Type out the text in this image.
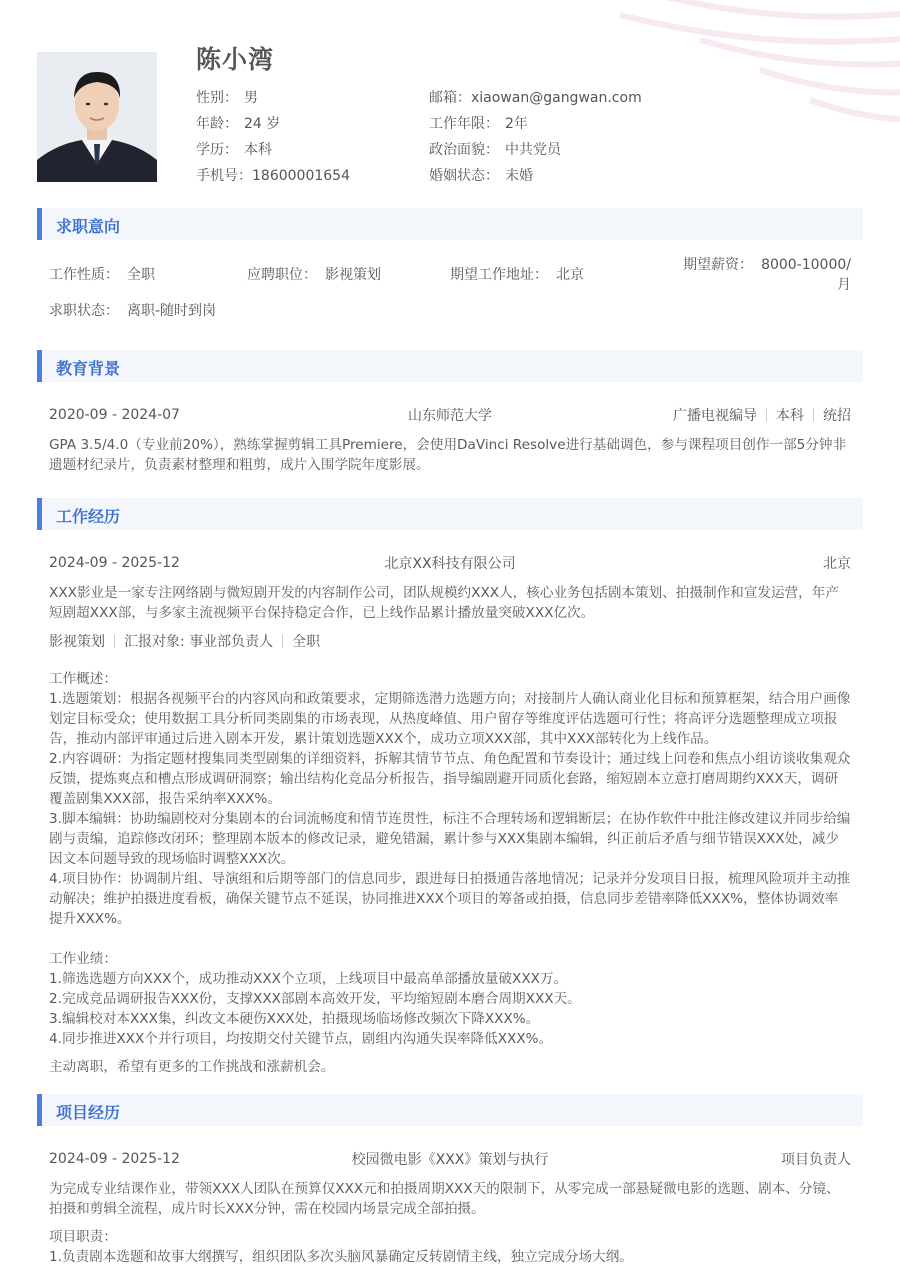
陈小湾
性别： 男	邮箱：xiaowan@gangwan.com
年龄： 24 岁	工作年限： 2年
学历： 本科	政治面貌： 中共党员
手机号：18600001654	婚姻状态： 未婚
求职意向
工作性质： 全职	应聘职位： 影视策划	期望工作地址： 北京
期望薪资： 8000-10000/月
求职状态： 离职-随时到岗
教育背景
2020-09 - 2024-07	山东师范大学	广播电视编导 本科 统招
GPA 3.5/4.0（专业前20%），熟练掌握剪辑工具Premiere，会使用DaVinci Resolve进行基础调色，参与课程项目创作一部5分钟非遗题材纪录片，负责素材整理和粗剪，成片入围学院年度影展。
工作经历
2024-09 - 2025-12	北京XX科技有限公司	北京
XXX影业是一家专注网络剧与微短剧开发的内容制作公司，团队规模约XXX人，核心业务包括剧本策划、拍摄制作和宣发运营，年产短剧超XXX部，与多家主流视频平台保持稳定合作，已上线作品累计播放量突破XXX亿次。
影视策划 汇报对象: 事业部负责人 全职
工作概述：
1.选题策划：根据各视频平台的内容风向和政策要求，定期筛选潜力选题方向；对接制片人确认商业化目标和预算框架，结合用户画像划定目标受众；使用数据工具分析同类剧集的市场表现，从热度峰值、用户留存等维度评估选题可行性；将高评分选题整理成立项报告，推动内部评审通过后进入剧本开发，累计策划选题XXX个，成功立项XXX部，其中XXX部转化为上线作品。
2.内容调研：为指定题材搜集同类型剧集的详细资料，拆解其情节节点、角色配置和节奏设计；通过线上问卷和焦点小组访谈收集观众反馈，提炼爽点和槽点形成调研洞察；输出结构化竞品分析报告，指导编剧避开同质化套路，缩短剧本立意打磨周期约XXX天，调研覆盖剧集XXX部，报告采纳率XXX%。
3.脚本编辑：协助编剧校对分集剧本的台词流畅度和情节连贯性，标注不合理转场和逻辑断层；在协作软件中批注修改建议并同步给编剧与责编，追踪修改闭环；整理剧本版本的修改记录，避免错漏，累计参与XXX集剧本编辑，纠正前后矛盾与细节错误XXX处，减少因文本问题导致的现场临时调整XXX次。
4.项目协作：协调制片组、导演组和后期等部门的信息同步，跟进每日拍摄通告落地情况；记录并分发项目日报，梳理风险项并主动推动解决；维护拍摄进度看板，确保关键节点不延误，协同推进XXX个项目的筹备或拍摄，信息同步差错率降低XXX%，整体协调效率提升XXX%。
工作业绩：
1.筛选选题方向XXX个，成功推动XXX个立项，上线项目中最高单部播放量破XXX万。
2.完成竞品调研报告XXX份，支撑XXX部剧本高效开发，平均缩短剧本磨合周期XXX天。
3.编辑校对本XXX集，纠改文本硬伤XXX处，拍摄现场临场修改频次下降XXX%。
4.同步推进XXX个并行项目，均按期交付关键节点，剧组内沟通失误率降低XXX%。
主动离职，希望有更多的工作挑战和涨薪机会。
项目经历
2024-09 - 2025-12	校园微电影《XXX》策划与执行	项目负责人
为完成专业结课作业，带领XXX人团队在预算仅XXX元和拍摄周期XXX天的限制下，从零完成一部悬疑微电影的选题、剧本、分镜、拍摄和剪辑全流程，成片时长XXX分钟，需在校园内场景完成全部拍摄。
项目职责：
1.负责剧本选题和故事大纲撰写，组织团队多次头脑风暴确定反转剧情主线，独立完成分场大纲。
